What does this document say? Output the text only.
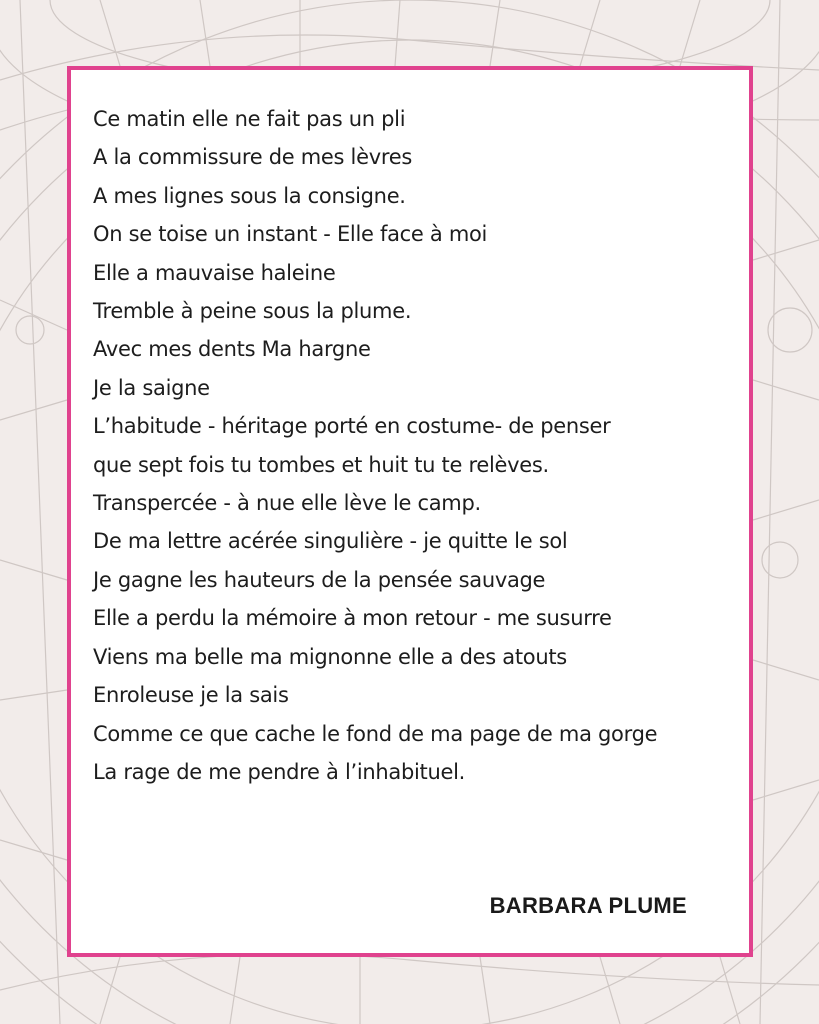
Ce matin elle ne fait pas un pli
A la commissure de mes lèvres
A mes lignes sous la consigne.
On se toise un instant - Elle face à moi
Elle a mauvaise haleine
Tremble à peine sous la plume.
Avec mes dents Ma hargne
Je la saigne
L’habitude - héritage porté en costume- de penser
que sept fois tu tombes et huit tu te relèves.
Transpercée - à nue elle lève le camp.
De ma lettre acérée singulière - je quitte le sol
Je gagne les hauteurs de la pensée sauvage
Elle a perdu la mémoire à mon retour - me susurre
Viens ma belle ma mignonne elle a des atouts
Enroleuse je la sais
Comme ce que cache le fond de ma page de ma gorge
La rage de me pendre à l’inhabituel.

BARBARA PLUME
